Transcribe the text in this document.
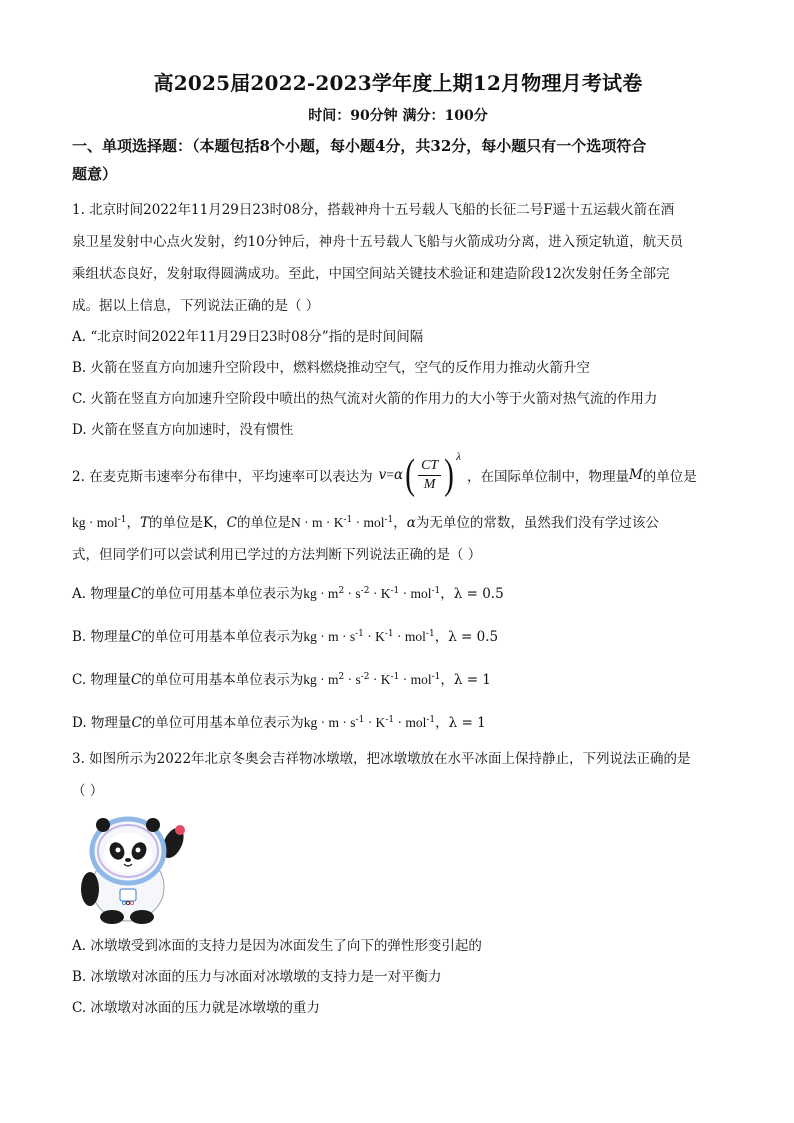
高2025届2022-2023学年度上期12月物理月考试卷
时间：90分钟 满分：100分
一、单项选择题：（本题包括8个小题，每小题4分，共32分，每小题只有一个选项符合
题意）
1. 北京时间2022年11月29日23时08分，搭载神舟十五号载人飞船的长征二号F遥十五运载火箭在酒
泉卫星发射中心点火发射，约10分钟后，神舟十五号载人飞船与火箭成功分离，进入预定轨道，航天员
乘组状态良好，发射取得圆满成功。至此，中国空间站关键技术验证和建造阶段12次发射任务全部完
成。据以上信息，下列说法正确的是（ ）
A. “北京时间2022年11月29日23时08分”指的是时间间隔
B. 火箭在竖直方向加速升空阶段中，燃料燃烧推动空气，空气的反作用力推动火箭升空
C. 火箭在竖直方向加速升空阶段中喷出的热气流对火箭的作用力的大小等于火箭对热气流的作用力
D. 火箭在竖直方向加速时，没有惯性
2. 在麦克斯韦速率分布律中，平均速率可以表达为 v = α ( $\frac{CT}{M}$ ) λ
，在国际单位制中，物理量 M 的单位是
kg · mol$^{-1}$，T的单位是K，C的单位是$N \cdot m \cdot K^{-1} \cdot mol^{-1}$，α为无单位的常数，虽然我们没有学过该公
式，但同学们可以尝试利用已学过的方法判断下列说法正确的是（ ）
A. 物理量C的单位可用基本单位表示为kg · $m^2 \cdot s^{-2} \cdot K^{-1} \cdot mol^{-1}$，λ = 0.5
B. 物理量C的单位可用基本单位表示为kg · $m \cdot s^{-1} \cdot K^{-1} \cdot mol^{-1}$，λ = 0.5
C. 物理量C的单位可用基本单位表示为kg · $m^2 \cdot s^{-2} \cdot K^{-1} \cdot mol^{-1}$，λ = 1
D. 物理量C的单位可用基本单位表示为kg · $m \cdot s^{-1} \cdot K^{-1} \cdot mol^{-1}$，λ = 1
3. 如图所示为2022年北京冬奥会吉祥物冰墩墩，把冰墩墩放在水平冰面上保持静止，下列说法正确的是
（ ）
A. 冰墩墩受到冰面的支持力是因为冰面发生了向下的弹性形变引起的
B. 冰墩墩对冰面的压力与冰面对冰墩墩的支持力是一对平衡力
C. 冰墩墩对冰面的压力就是冰墩墩的重力
